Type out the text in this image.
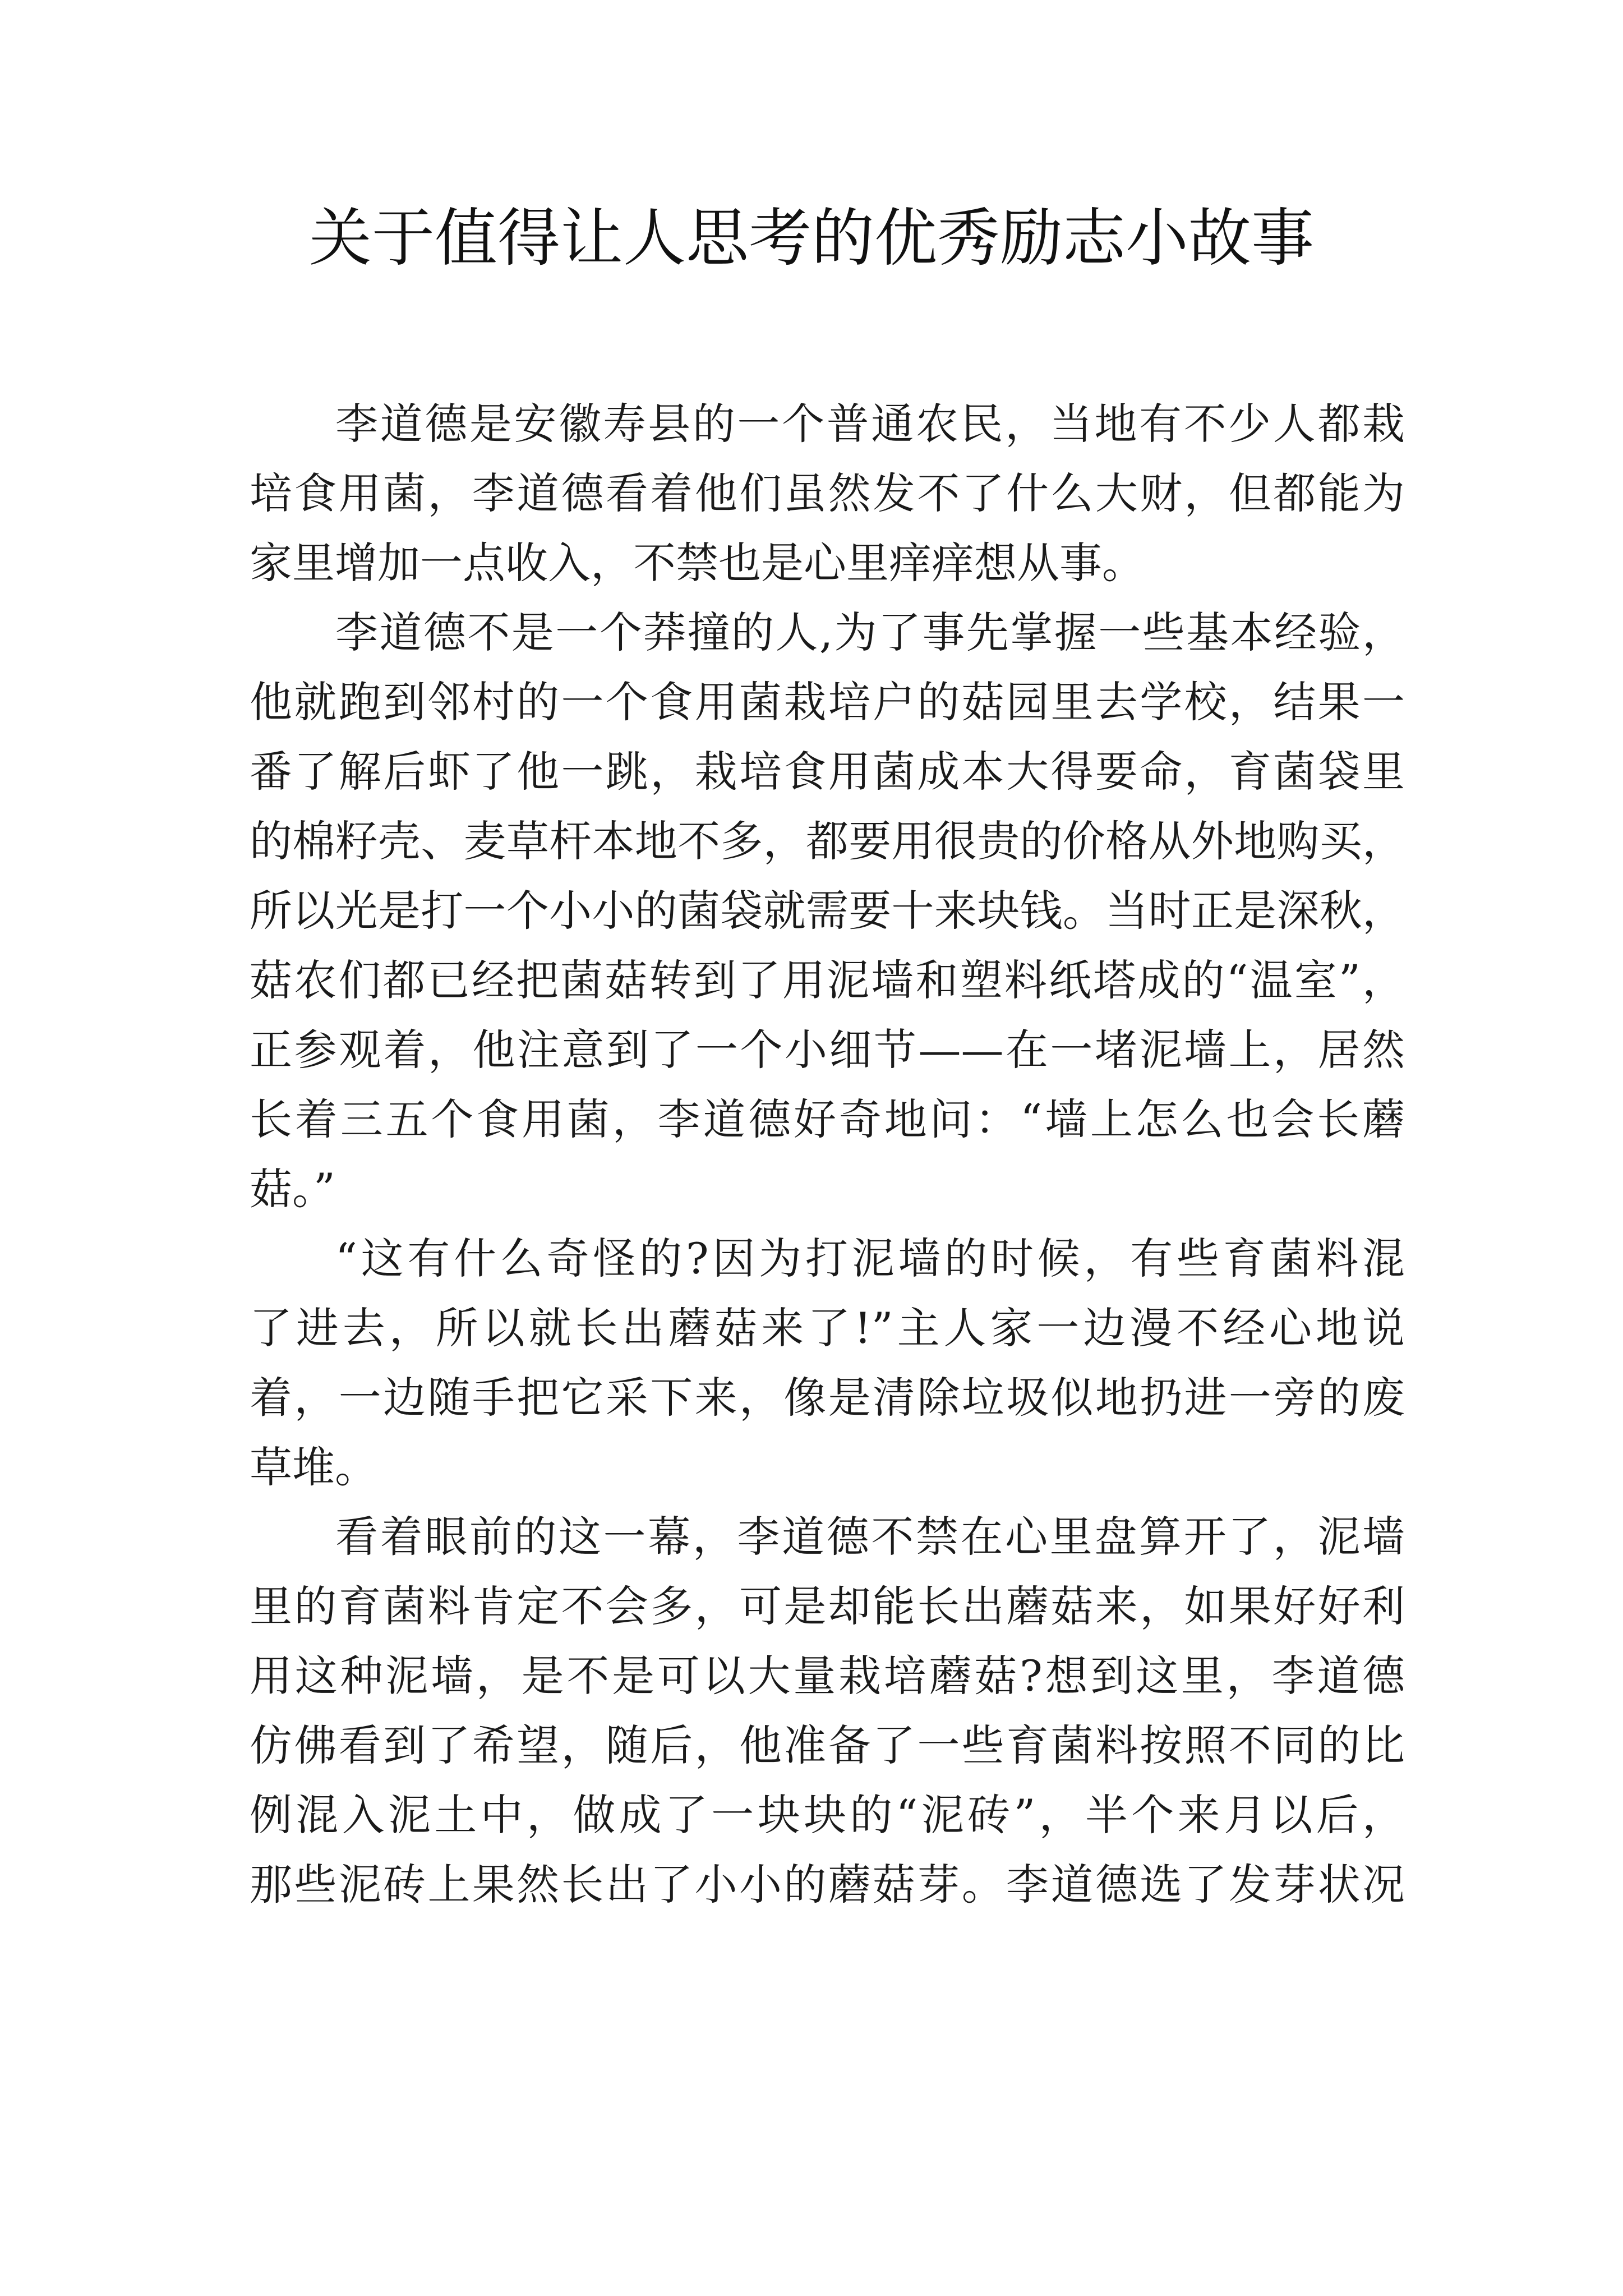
关于值得让人思考的优秀励志小故事

李道德是安徽寿县的一个普通农民，当地有不少人都栽

培食用菌，李道德看着他们虽然发不了什么大财，但都能为

家里增加一点收入，不禁也是心里痒痒想从事。

李道德不是一个莽撞的人,为了事先掌握一些基本经验，

他就跑到邻村的一个食用菌栽培户的菇园里去学校，结果一

番了解后虾了他一跳，栽培食用菌成本大得要命，育菌袋里

的棉籽壳、麦草杆本地不多，都要用很贵的价格从外地购买，

所以光是打一个小小的菌袋就需要十来块钱。当时正是深秋，

菇农们都已经把菌菇转到了用泥墙和塑料纸塔成的“温室”，

正参观着，他注意到了一个小细节——在一堵泥墙上，居然

长着三五个食用菌，李道德好奇地问：“墙上怎么也会长蘑

菇。”

“这有什么奇怪的?因为打泥墙的时候，有些育菌料混

了进去，所以就长出蘑菇来了!”主人家一边漫不经心地说

着，一边随手把它采下来，像是清除垃圾似地扔进一旁的废

草堆。

看着眼前的这一幕，李道德不禁在心里盘算开了，泥墙

里的育菌料肯定不会多，可是却能长出蘑菇来，如果好好利

用这种泥墙，是不是可以大量栽培蘑菇?想到这里，李道德

仿佛看到了希望，随后，他准备了一些育菌料按照不同的比

例混入泥土中，做成了一块块的“泥砖”，半个来月以后，

那些泥砖上果然长出了小小的蘑菇芽。李道德选了发芽状况
